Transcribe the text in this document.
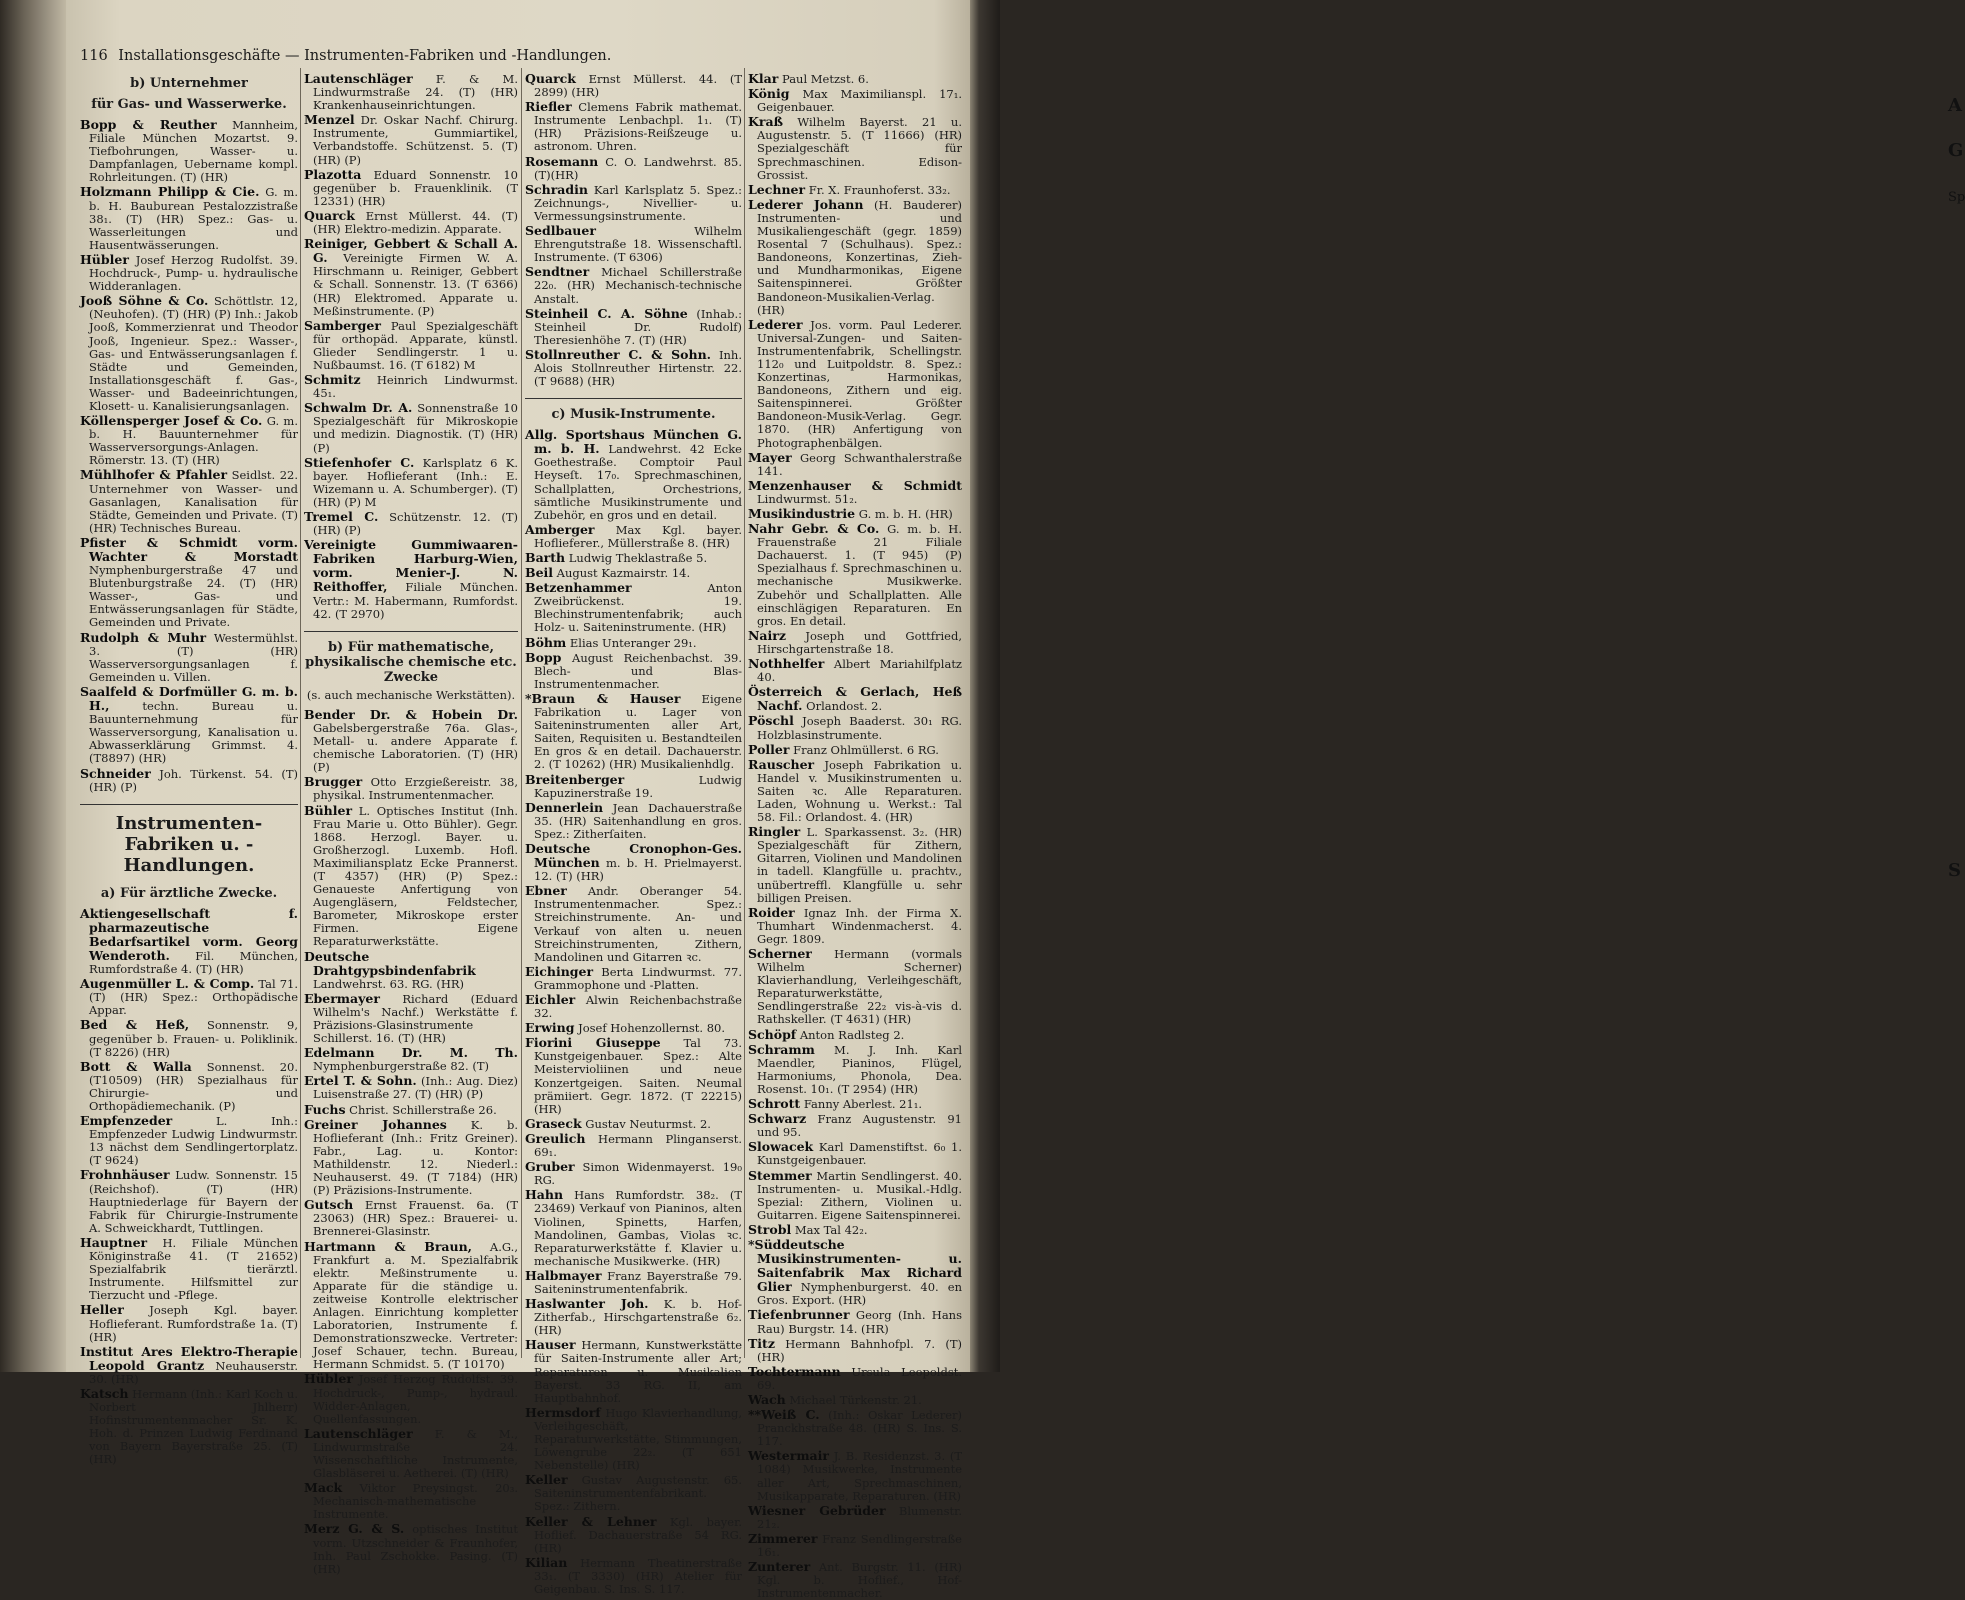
A
G
Sp
S
116 Installationsgeschäfte — Instrumenten-Fabriken und -Handlungen.
b) Unternehmer
für Gas- und Wasserwerke.

Bopp & Reuther Mannheim, Filiale München Mozartst. 9. Tiefbohrungen, Wasser- u. Dampfanlagen, Uebername kompl. Rohrleitungen. (T) (HR)

Holzmann Philipp & Cie. G. m. b. H. Bauburean Pestalozzistraße 38₁. (T) (HR) Spez.: Gas- u. Wasserleitungen und Hausentwässerungen.

Hübler Josef Herzog Rudolfst. 39. Hochdruck-, Pump- u. hydraulische Widderanlagen.

Jooß Söhne & Co. Schöttlstr. 12, (Neuhofen). (T) (HR) (P) Inh.: Jakob Jooß, Kommerzienrat und Theodor Jooß, Ingenieur. Spez.: Wasser-, Gas- und Entwässerungsanlagen f. Städte und Gemeinden, Installationsgeschäft f. Gas-, Wasser- und Badeeinrichtungen, Klosett- u. Kanalisierungsanlagen.

Köllensperger Josef & Co. G. m. b. H. Bauunternehmer für Wasserversorgungs-Anlagen. Römerstr. 13. (T) (HR)

Mühlhofer & Pfahler Seidlst. 22. Unternehmer von Wasser- und Gasanlagen, Kanalisation für Städte, Gemeinden und Private. (T) (HR) Technisches Bureau.

Pfister & Schmidt vorm. Wachter & Morstadt Nymphenburgerstraße 47 und Blutenburgstraße 24. (T) (HR) Wasser-, Gas- und Entwässerungsanlagen für Städte, Gemeinden und Private.

Rudolph & Muhr Westermühlst. 3. (T) (HR) Wasserversorgungsanlagen f. Gemeinden u. Villen.

Saalfeld & Dorfmüller G. m. b. H., techn. Bureau u. Bauunternehmung für Wasserversorgung, Kanalisation u. Abwasserklärung Grimmst. 4. (T8897) (HR)

Schneider Joh. Türkenst. 54. (T) (HR) (P)

Instrumenten-Fabriken u. -Handlungen.
a) Für ärztliche Zwecke.

Aktiengesellschaft f. pharmazeutische Bedarfsartikel vorm. Georg Wenderoth. Fil. München, Rumfordstraße 4. (T) (HR)

Augenmüller L. & Comp. Tal 71. (T) (HR) Spez.: Orthopädische Appar.

Bed & Heß, Sonnenstr. 9, gegenüber b. Frauen- u. Poliklinik. (T 8226) (HR)

Bott & Walla Sonnenst. 20. (T10509) (HR) Spezialhaus für Chirurgie- und Orthopädiemechanik. (P)

Empfenzeder L. Inh.: Empfenzeder Ludwig Lindwurmstr. 13 nächst dem Sendlingertorplatz. (T 9624)

Frohnhäuser Ludw. Sonnenstr. 15 (Reichshof). (T) (HR) Hauptniederlage für Bayern der Fabrik für Chirurgie-Instrumente A. Schweickhardt, Tuttlingen.

Hauptner H. Filiale München Königinstraße 41. (T 21652) Spezialfabrik tierärztl. Instrumente. Hilfsmittel zur Tierzucht und -Pflege.

Heller Joseph Kgl. bayer. Hoflieferant. Rumfordstraße 1a. (T) (HR)

Institut Ares Elektro-Therapie Leopold Grantz Neuhauserstr. 30. (HR)

Katsch Hermann (Inh.: Karl Koch u. Norbert Jhlherr) Hofinstrumentenmacher Sr. K. Hoh. d. Prinzen Ludwig Ferdinand von Bayern Bayerstraße 25. (T) (HR)

Lautenschläger F. & M. Lindwurmstraße 24. (T) (HR) Krankenhauseinrichtungen.

Menzel Dr. Oskar Nachf. Chirurg. Instrumente, Gummiartikel, Verbandstoffe. Schützenst. 5. (T) (HR) (P)

Plazotta Eduard Sonnenstr. 10 gegenüber b. Frauenklinik. (T 12331) (HR)

Quarck Ernst Müllerst. 44. (T) (HR) Elektro-medizin. Apparate.

Reiniger, Gebbert & Schall A. G. Vereinigte Firmen W. A. Hirschmann u. Reiniger, Gebbert & Schall. Sonnenstr. 13. (T 6366) (HR) Elektromed. Apparate u. Meßinstrumente. (P)

Samberger Paul Spezialgeschäft für orthopäd. Apparate, künstl. Glieder Sendlingerstr. 1 u. Nußbaumst. 16. (T 6182) M

Schmitz Heinrich Lindwurmst. 45₁.

Schwalm Dr. A. Sonnenstraße 10 Spezialgeschäft für Mikroskopie und medizin. Diagnostik. (T) (HR) (P)

Stiefenhofer C. Karlsplatz 6 K. bayer. Hoflieferant (Inh.: E. Wizemann u. A. Schumberger). (T) (HR) (P) M

Tremel C. Schützenstr. 12. (T) (HR) (P)

Vereinigte Gummiwaaren-Fabriken Harburg-Wien, vorm. Menier-J. N. Reithoffer, Filiale München. Vertr.: M. Habermann, Rumfordst. 42. (T 2970)

b) Für mathematische, physikalische chemische etc. Zwecke
(s. auch mechanische Werkstätten).

Bender Dr. & Hobein Dr. Gabelsbergerstraße 76a. Glas-, Metall- u. andere Apparate f. chemische Laboratorien. (T) (HR) (P)

Brugger Otto Erzgießereistr. 38, physikal. Instrumentenmacher.

Bühler L. Optisches Institut (Inh. Frau Marie u. Otto Bühler). Gegr. 1868. Herzogl. Bayer. u. Großherzogl. Luxemb. Hofl. Maximiliansplatz Ecke Prannerst. (T 4357) (HR) (P) Spez.: Genaueste Anfertigung von Augengläsern, Feldstecher, Barometer, Mikroskope erster Firmen. Eigene Reparaturwerkstätte.

Deutsche Drahtgypsbindenfabrik Landwehrst. 63. RG. (HR)

Ebermayer Richard (Eduard Wilhelm's Nachf.) Werkstätte f. Präzisions-Glasinstrumente Schillerst. 16. (T) (HR)

Edelmann Dr. M. Th. Nymphenburgerstraße 82. (T)

Ertel T. & Sohn. (Inh.: Aug. Diez) Luisenstraße 27. (T) (HR) (P)

Fuchs Christ. Schillerstraße 26.

Greiner Johannes K. b. Hoflieferant (Inh.: Fritz Greiner). Fabr., Lag. u. Kontor: Mathildenstr. 12. Niederl.: Neuhauserst. 49. (T 7184) (HR) (P) Präzisions-Instrumente.

Gutsch Ernst Frauenst. 6a. (T 23063) (HR) Spez.: Brauerei- u. Brennerei-Glasinstr.

Hartmann & Braun, A.G., Frankfurt a. M. Spezialfabrik elektr. Meßinstrumente u. Apparate für die ständige u. zeitweise Kontrolle elektrischer Anlagen. Einrichtung kompletter Laboratorien, Instrumente f. Demonstrationszwecke. Vertreter: Josef Schauer, techn. Bureau, Hermann Schmidst. 5. (T 10170)

Hübler Josef Herzog Rudolfst. 39. Hochdruck-, Pump-, hydraul. Widder-Anlagen, Quellenfassungen.

Lautenschläger F. & M., Lindwurmstraße 24. Wissenschaftliche Instrumente, Glasbläserei u. Aetherei. (T) (HR)

Mack Viktor Preysingst. 20₃. Mechanisch-mathematische Instrumente.

Merz G. & S. optisches Institut vorm. Utzschneider & Fraunhofer, Inh. Paul Zschokke. Pasing. (T) (HR)

Quarck Ernst Müllerst. 44. (T 2899) (HR)

Riefler Clemens Fabrik mathemat. Instrumente Lenbachpl. 1₁. (T) (HR) Präzisions-Reißzeuge u. astronom. Uhren.

Rosemann C. O. Landwehrst. 85. (T)(HR)

Schradin Karl Karlsplatz 5. Spez.: Zeichnungs-, Nivellier- u. Vermessungsinstrumente.

Sedlbauer Wilhelm Ehrengutstraße 18. Wissenschaftl. Instrumente. (T 6306)

Sendtner Michael Schillerstraße 22₀. (HR) Mechanisch-technische Anstalt.

Steinheil C. A. Söhne (Inhab.: Steinheil Dr. Rudolf) Theresienhöhe 7. (T) (HR)

Stollnreuther C. & Sohn. Inh. Alois Stollnreuther Hirtenstr. 22. (T 9688) (HR)

c) Musik-Instrumente.

Allg. Sportshaus München G. m. b. H. Landwehrst. 42 Ecke Goethestraße. Comptoir Paul Heyseſt. 17₀. Sprechmaschinen, Schallplatten, Orchestrions, sämtliche Musikinstrumente und Zubehör, en gros und en detail.

Amberger Max Kgl. bayer. Hoflieferer., Müllerstraße 8. (HR)

Barth Ludwig Theklastraße 5.

Beil August Kazmairstr. 14.

Betzenhammer Anton Zweibrückenst. 19. Blechinstrumentenfabrik; auch Holz- u. Saiteninstrumente. (HR)

Böhm Elias Unteranger 29₁.

Bopp August Reichenbachst. 39. Blech- und Blas-Instrumentenmacher.

*Braun & Hauser Eigene Fabrikation u. Lager von Saiteninstrumenten aller Art, Saiten, Requisiten u. Bestandteilen En gros & en detail. Dachauerstr. 2. (T 10262) (HR) Musikalienhdlg.

Breitenberger Ludwig Kapuzinerstraße 19.

Dennerlein Jean Dachauerstraße 35. (HR) Saitenhandlung en gros. Spez.: Zitherſaiten.

Deutsche Cronophon-Ges. München m. b. H. Prielmayerst. 12. (T) (HR)

Ebner Andr. Oberanger 54. Instrumentenmacher. Spez.: Streichinstrumente. An- und Verkauf von alten u. neuen Streichinstrumenten, Zithern, Mandolinen und Gitarren ꝛc.

Eichinger Berta Lindwurmst. 77. Grammophone und -Platten.

Eichler Alwin Reichenbachstraße 32.

Erwing Josef Hohenzollernst. 80.

Fiorini Giuseppe Tal 73. Kunstgeigenbauer. Spez.: Alte Meistervioliinen und neue Konzertgeigen. Saiten. Neumal prämiiert. Gegr. 1872. (T 22215) (HR)

Graseck Gustav Neuturmst. 2.

Greulich Hermann Plinganserst. 69₁.

Gruber Simon Widenmayerst. 19₀ RG.

Hahn Hans Rumfordstr. 38₂. (T 23469) Verkauf von Pianinos, alten Violinen, Spinetts, Harfen, Mandolinen, Gambas, Violas ꝛc. Reparaturwerkstätte f. Klavier u. mechanische Musikwerke. (HR)

Halbmayer Franz Bayerstraße 79. Saiteninstrumentenfabrik.

Haslwanter Joh. K. b. Hof-Zitherfab., Hirschgartenstraße 6₂. (HR)

Hauser Hermann, Kunstwerkstätte für Saiten-Instrumente aller Art; Reparaturen u. Musikalien Bayerst. 33 RG. II, am Hauptbahnhof.

Hermsdorf Hugo Klavierhandlung, Verleihgeschäft, Reparaturwerkstätte, Stimmungen, Löwengrube 22₂. (T 651 Nebenstelle) (HR)

Keller Gustav Augustenstr. 65. Saiteninstrumentenfabrikant. Spez.: Zithern.

Keller & Lehner Kgl. bayer. Hoflief. Dachauerstraße 54 RG. (HR)

Kilian Hermann Theatinerstraße 33₁. (T 3330) (HR) Atelier für Geigenbau. S. Ins. S. 117.

Klar Paul Metzst. 6.

König Max Maximilianspl. 17₁. Geigenbauer.

Kraß Wilhelm Bayerst. 21 u. Augustenstr. 5. (T 11666) (HR) Spezialgeschäft für Sprechmaschinen. Edison-Grossist.

Lechner Fr. X. Fraunhoferst. 33₂.

Lederer Johann (H. Bauderer) Instrumenten- und Musikaliengeschäft (gegr. 1859) Rosental 7 (Schulhaus). Spez.: Bandoneons, Konzertinas, Zieh- und Mundharmonikas, Eigene Saitenspinnerei. Größter Bandoneon-Musikalien-Verlag. (HR)

Lederer Jos. vorm. Paul Lederer. Universal-Zungen- und Saiten-Instrumentenfabrik, Schellingstr. 112₀ und Luitpoldstr. 8. Spez.: Konzertinas, Harmonikas, Bandoneons, Zithern und eig. Saitenspinnerei. Größter Bandoneon-Musik-Verlag. Gegr. 1870. (HR) Anfertigung von Photographenbälgen.

Mayer Georg Schwanthalerstraße 141.

Menzenhauser & Schmidt Lindwurmst. 51₂.

Musikindustrie G. m. b. H. (HR)

Nahr Gebr. & Co. G. m. b. H. Frauenstraße 21 Filiale Dachauerst. 1. (T 945) (P) Spezialhaus f. Sprechmaschinen u. mechanische Musikwerke. Zubehör und Schallplatten. Alle einschlägigen Reparaturen. En gros. En detail.

Nairz Joseph und Gottfried, Hirschgartenstraße 18.

Nothhelfer Albert Mariahilfplatz 40.

Österreich & Gerlach, Heß Nachf. Orlandost. 2.

Pöschl Joseph Baaderst. 30₁ RG. Holzblasinstrumente.

Poller Franz Ohlmüllerst. 6 RG.

Rauscher Joseph Fabrikation u. Handel v. Musikinstrumenten u. Saiten ꝛc. Alle Reparaturen. Laden, Wohnung u. Werkst.: Tal 58. Fil.: Orlandost. 4. (HR)

Ringler L. Sparkassenst. 3₂. (HR) Spezialgeschäft für Zithern, Gitarren, Violinen und Mandolinen in tadell. Klangfülle u. prachtv., unübertreffl. Klangfülle u. sehr billigen Preisen.

Roider Ignaz Inh. der Firma X. Thumhart Windenmacherst. 4. Gegr. 1809.

Scherner Hermann (vormals Wilhelm Scherner) Klavierhandlung, Verleihgeschäft, Reparaturwerkstätte, Sendlingerstraße 22₂ vis-à-vis d. Rathskeller. (T 4631) (HR)

Schöpf Anton Radlsteg 2.

Schramm M. J. Inh. Karl Maendler, Pianinos, Flügel, Harmoniums, Phonola, Dea. Rosenst. 10₁. (T 2954) (HR)

Schrott Fanny Aberlest. 21₁.

Schwarz Franz Augustenstr. 91 und 95.

Slowacek Karl Damenstiftst. 6₀ 1. Kunstgeigenbauer.

Stemmer Martin Sendlingerst. 40. Instrumenten- u. Musikal.-Hdlg. Spezial: Zithern, Violinen u. Guitarren. Eigene Saitenspinnerei.

Strobl Max Tal 42₂.

*Süddeutsche Musikinstrumenten- u. Saitenfabrik Max Richard Glier Nymphenburgerst. 40. en Gros. Export. (HR)

Tiefenbrunner Georg (Inh. Hans Rau) Burgstr. 14. (HR)

Titz Hermann Bahnhofpl. 7. (T) (HR)

Tochtermann Ursula Leopoldst. 69.

Wach Michael Türkenstr. 21.

**Weiß C. (Inh.: Oskar Lederer) Pranckhstraße 48. (HR) S. Ins. S. 117.

Westermair J. B. Residenzst. 3. (T 1084) Musikwerke, Instrumente aller Art, Sprechmaschinen, Musikapparate, Reparaturen. (HR)

Wiesner Gebrüder Blumenstr. 21₂.

Zimmerer Franz Sendlingerstraße 16₁.

Zunterer Ant. Burgstr. 11. (HR) Kgl. b. Hoflief., Hof-Instrumentenmacher.
